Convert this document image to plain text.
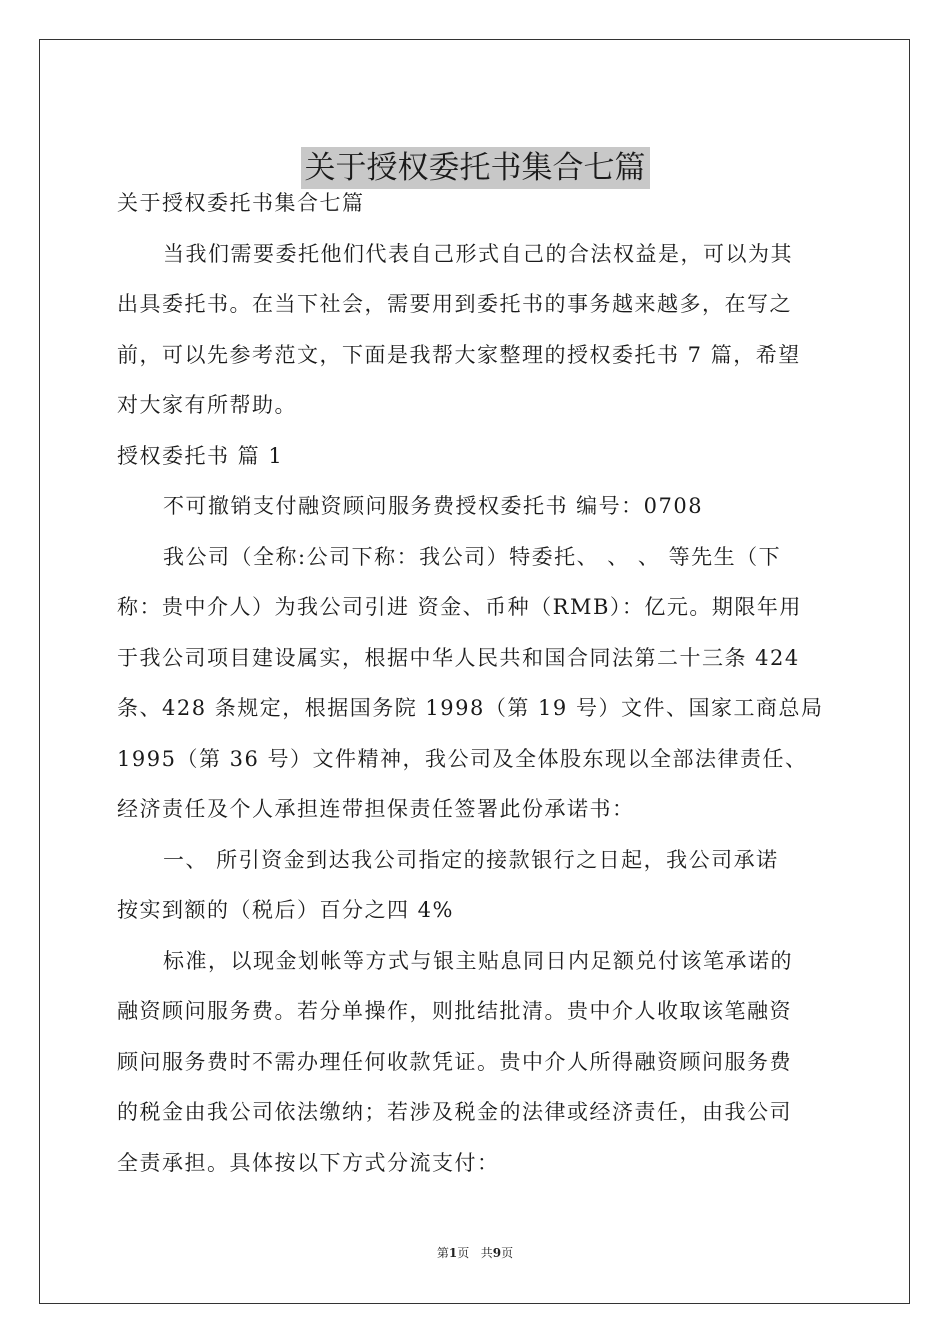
关于授权委托书集合七篇

关于授权委托书集合七篇

当我们需要委托他们代表自己形式自己的合法权益是，可以为其

出具委托书。在当下社会，需要用到委托书的事务越来越多，在写之

前，可以先参考范文，下面是我帮大家整理的授权委托书 7 篇，希望

对大家有所帮助。

授权委托书 篇 1

不可撤销支付融资顾问服务费授权委托书 编号：0708

我公司（全称:公司下称：我公司）特委托、 、 、 等先生（下

称：贵中介人）为我公司引进 资金、币种（RMB）：亿元。期限年用

于我公司项目建设属实，根据中华人民共和国合同法第二十三条 424

条、428 条规定，根据国务院 1998（第 19 号）文件、国家工商总局

1995（第 36 号）文件精神，我公司及全体股东现以全部法律责任、

经济责任及个人承担连带担保责任签署此份承诺书：

一、 所引资金到达我公司指定的接款银行之日起，我公司承诺

按实到额的（税后）百分之四 4%

标准，以现金划帐等方式与银主贴息同日内足额兑付该笔承诺的

融资顾问服务费。若分单操作，则批结批清。贵中介人收取该笔融资

顾问服务费时不需办理任何收款凭证。贵中介人所得融资顾问服务费

的税金由我公司依法缴纳；若涉及税金的法律或经济责任，由我公司

全责承担。具体按以下方式分流支付：

第1页 共9页
